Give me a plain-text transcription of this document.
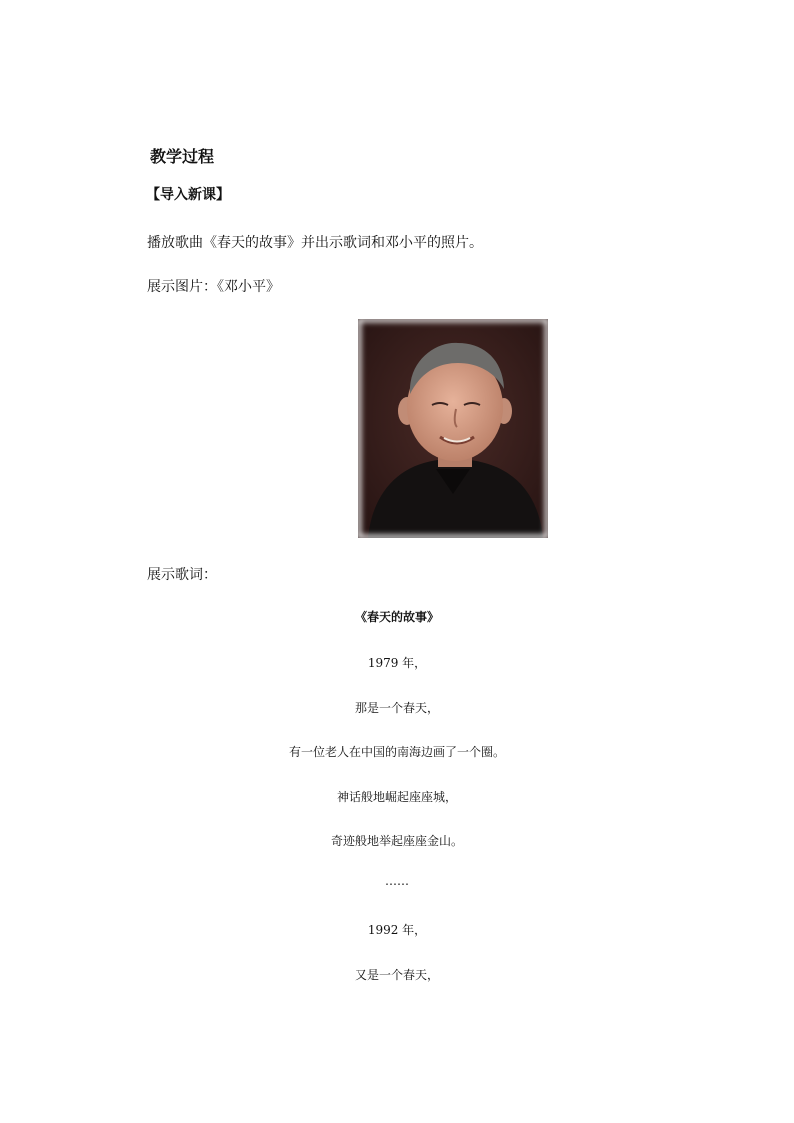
教学过程
【导入新课】
播放歌曲《春天的故事》并出示歌词和邓小平的照片。
展示图片：《邓小平》
展示歌词：
《春天的故事》
1979 年，
那是一个春天，
有一位老人在中国的南海边画了一个圈。
神话般地崛起座座城，
奇迹般地举起座座金山。
……
1992 年，
又是一个春天，
